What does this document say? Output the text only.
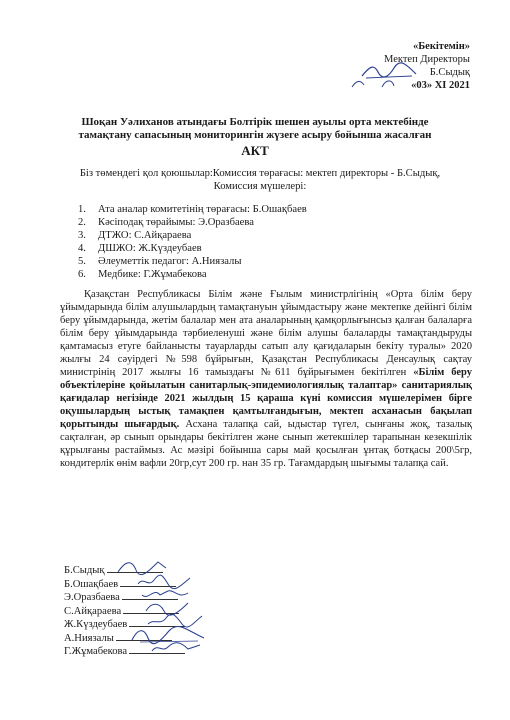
«Бекітемін»
Мектеп Директоры
Б.Сыдық
«03» XI 2021
Шоқан Уәлиханов атындағы Болтірік шешен ауылы орта мектебінде
тамақтану сапасының мониторингін жүзеге асыру бойынша жасалған
АКТ
Біз төмендегі қол қоюшылар:Комиссия төрағасы: мектеп директоры - Б.Сыдық, Комиссия мүшелері:
1. Ата аналар комитетінің төрағасы: Б.Ошақбаев
2. Кәсіподақ төрайымы: Э.Оразбаева
3. ДТЖО: С.Айқараева
4. ДШЖО: Ж.Күздеубаев
5. Әлеуметтік педагог: А.Ниязалы
6. Медбике: Г.Жұмабекова

Қазақстан Республикасы Білім және Ғылым министрлігінің «Орта білім беру ұйымдарында білім алушылардың тамақтануын ұйымдастыру және мектепке дейінгі білім беру ұйымдарында, жетім балалар мен ата аналарының қамқорлығынсыз қалған балаларға білім беру ұйымдарында тәрбиеленуші және білім алушы балаларды тамақтандыруды қамтамасыз етуге байланысты тауарларды сатып алу қағидаларын бекіту туралы» 2020 жылғы 24 сәуірдегі №598 бұйрығын, Қазақстан Республикасы Денсаулық сақтау министрінің 2017 жылғы 16 тамыздағы №611 бұйрығымен бекітілген «Білім беру объектілеріне қойылатын санитарлық-эпидемиологиялық талаптар» санитариялық қағидалар негізінде 2021 жылдың 15 қараша күні комиссия мүшелерімен бірге оқушылардың ыстық тамақпен қамтылғандығын, мектеп асханасын бақылап қорытынды шығардық. Асхана талапқа сай, ыдыстар түгел, сынғаны жоқ, тазалық сақталған, әр сынып орындары бекітілген және сынып жетекшілер тарапынан кезекшілік құрылғаны растаймыз. Ас мәзірі бойынша сары май қосылған ұнтақ ботқасы 200\5гр, кондитерлік өнім вафли 20гр,сут 200 гр. нан 35 гр. Тағамдардың шығымы талапқа сай.

Б.Сыдық
Б.Ошақбаев
Э.Оразбаева
С.Айқараева
Ж.Күздеубаев
А.Ниязалы
Г.Жұмабекова
